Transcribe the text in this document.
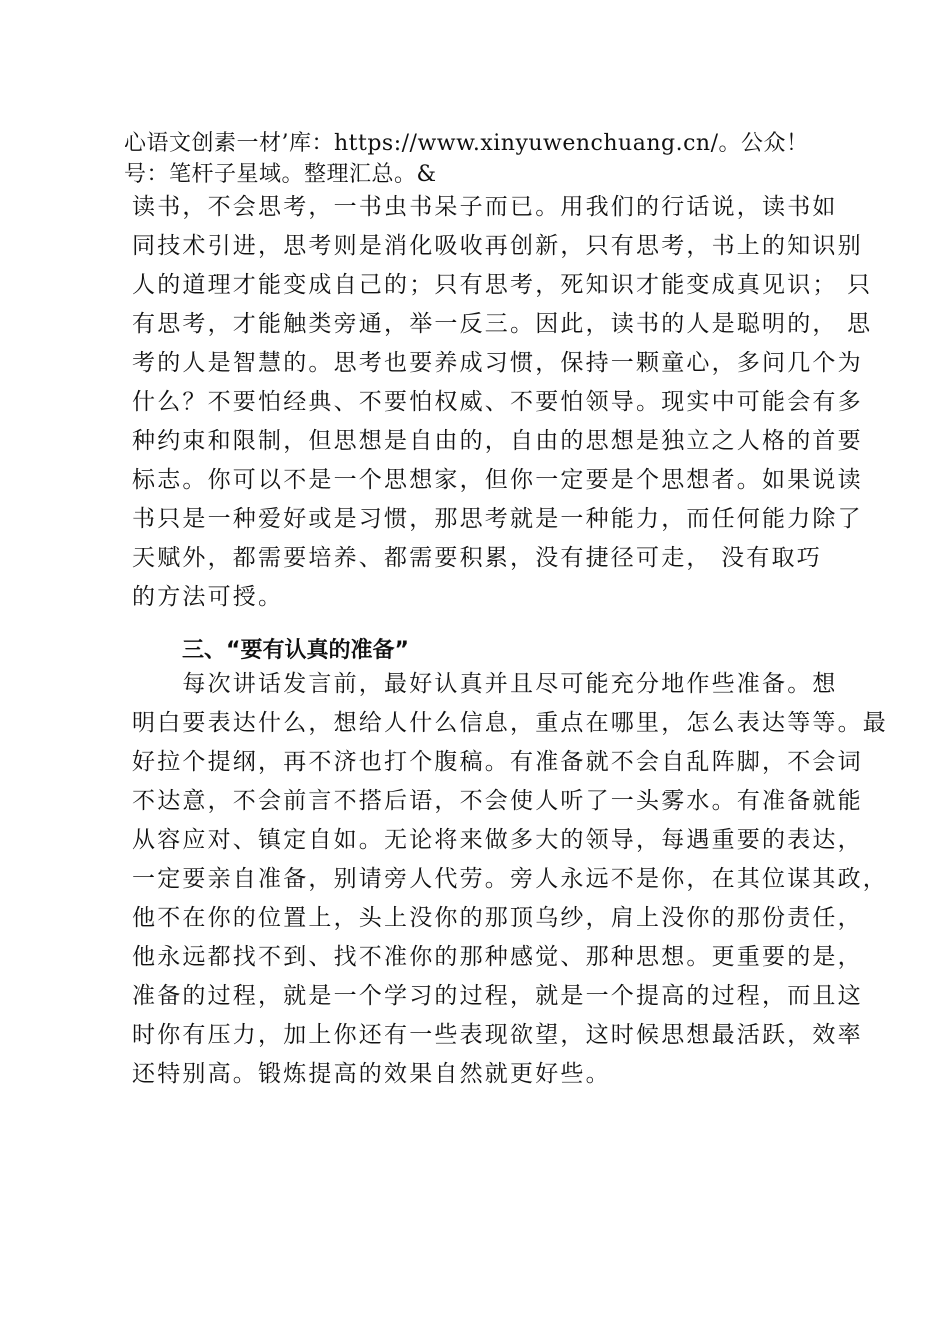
心语文创素一材’库：https://www.xinyuwenchuang.cn/。公众！
号：笔杆子星域。整理汇总。&
读书，不会思考，一书虫书呆子而已。用我们的行话说，读书如
同技术引进，思考则是消化吸收再创新，只有思考，书上的知识别
人的道理才能变成自己的；只有思考，死知识才能变成真见识； 只
有思考，才能触类旁通，举一反三。因此，读书的人是聪明的， 思
考的人是智慧的。思考也要养成习惯，保持一颗童心，多问几个为
什么？不要怕经典、不要怕权威、不要怕领导。现实中可能会有多
种约束和限制，但思想是自由的，自由的思想是独立之人格的首要
标志。你可以不是一个思想家，但你一定要是个思想者。如果说读
书只是一种爱好或是习惯，那思考就是一种能力，而任何能力除了
天赋外，都需要培养、都需要积累，没有捷径可走， 没有取巧
的方法可授。
三、“要有认真的准备”
　　每次讲话发言前，最好认真并且尽可能充分地作些准备。想
明白要表达什么，想给人什么信息，重点在哪里，怎么表达等等。最
好拉个提纲，再不济也打个腹稿。有准备就不会自乱阵脚，不会词
不达意，不会前言不搭后语，不会使人听了一头雾水。有准备就能
从容应对、镇定自如。无论将来做多大的领导，每遇重要的表达，
一定要亲自准备，别请旁人代劳。旁人永远不是你，在其位谋其政，
他不在你的位置上，头上没你的那顶乌纱，肩上没你的那份责任，
他永远都找不到、找不准你的那种感觉、那种思想。更重要的是，
准备的过程，就是一个学习的过程，就是一个提高的过程，而且这
时你有压力，加上你还有一些表现欲望，这时候思想最活跃，效率
还特别高。锻炼提高的效果自然就更好些。
